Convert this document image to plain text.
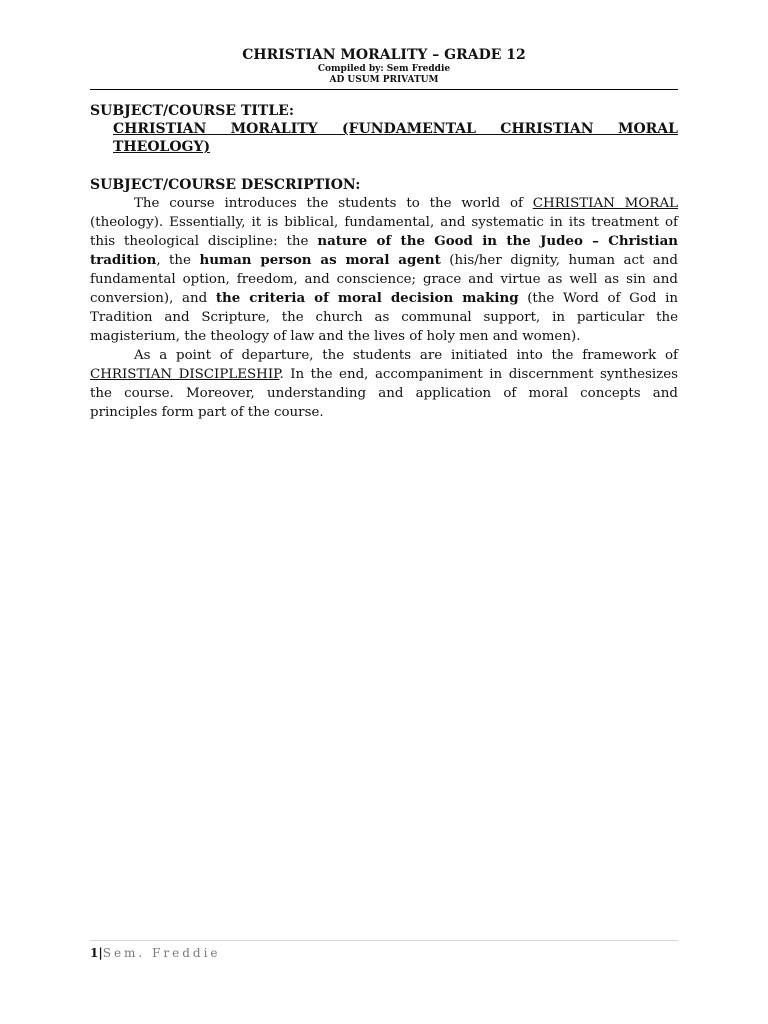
CHRISTIAN MORALITY – GRADE 12
Compiled by: Sem Freddie
AD USUM PRIVATUM
SUBJECT/COURSE TITLE:
CHRISTIAN MORALITY (FUNDAMENTAL CHRISTIAN MORAL
THEOLOGY)
SUBJECT/COURSE DESCRIPTION:

The course introduces the students to the world of CHRISTIAN MORAL (theology). Essentially, it is biblical, fundamental, and systematic in its treatment of this theological discipline: the nature of the Good in the Judeo – Christian tradition, the human person as moral agent (his/her dignity, human act and fundamental option, freedom, and conscience; grace and virtue as well as sin and conversion), and the criteria of moral decision making (the Word of God in Tradition and Scripture, the church as communal support, in particular the magisterium, the theology of law and the lives of holy men and women).

As a point of departure, the students are initiated into the framework of CHRISTIAN DISCIPLESHIP. In the end, accompaniment in discernment synthesizes the course. Moreover, understanding and application of moral concepts and principles form part of the course.

1|Sem. Freddie
